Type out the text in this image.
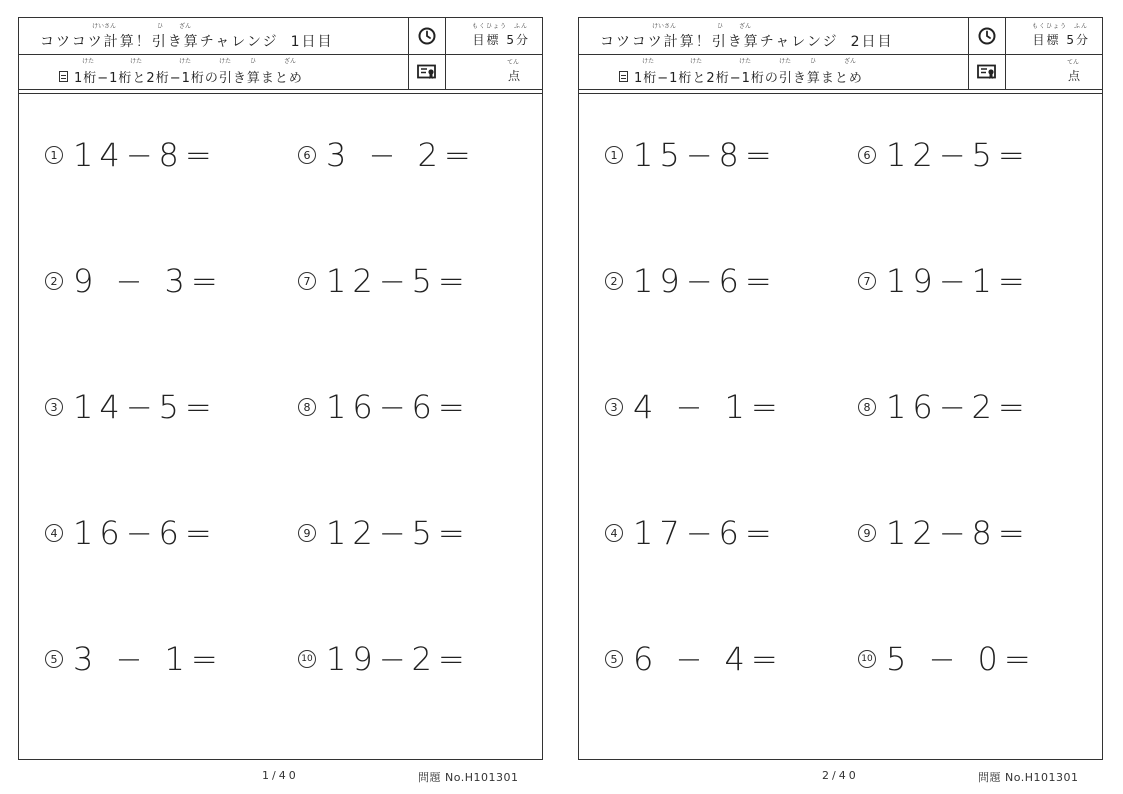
けいさん	ひ	ざん
コツコツ計算！引き算チャレンジ 1日目
もくひょう　ふん
目標 5分
けた	けた	けた	けた	ひ	ざん
1桁−1桁と2桁−1桁の引き算まとめ
てん
点
1 14−8=
2 9 − 3=
3 14−5=
4 16−6=
5 3 − 1=
6 3 − 2=
7 12−5=
8 16−6=
9 12−5=
10 19−2=
1/40	問題 No.H101301
けいさん	ひ	ざん
コツコツ計算！引き算チャレンジ 2日目
もくひょう　ふん
目標 5分
けた	けた	けた	けた	ひ	ざん
1桁−1桁と2桁−1桁の引き算まとめ
てん
点
1 15−8=
2 19−6=
3 4 − 1=
4 17−6=
5 6 − 4=
6 12−5=
7 19−1=
8 16−2=
9 12−8=
10 5 − 0=
2/40	問題 No.H101301
